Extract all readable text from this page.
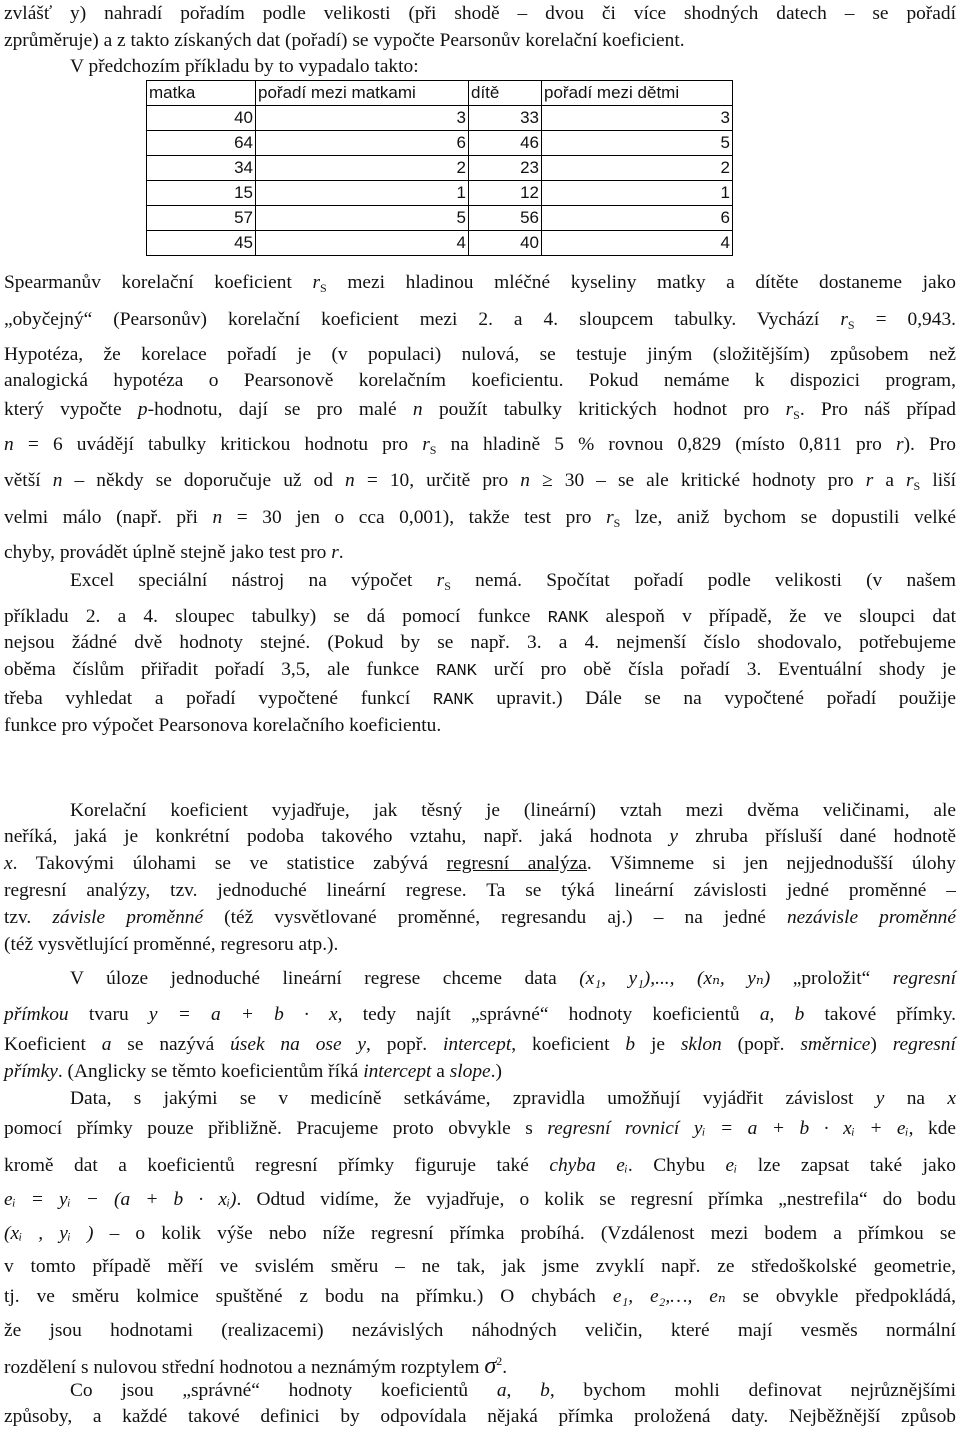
zvlášť y) nahradí pořadím podle velikosti (při shodě – dvou či více shodných datech – se pořadí
zprůměruje) a z takto získaných dat (pořadí) se vypočte Pearsonův korelační koeficient.
V předchozím příkladu by to vypadalo takto:
matka	pořadí mezi matkami	dítě	pořadí mezi dětmi
40	3	33	3
64	6	46	5
34	2	23	2
15	1	12	1
57	5	56	6
45	4	40	4
Spearmanův korelační koeficient $r_S$ mezi hladinou mléčné kyseliny matky a dítěte dostaneme jako
„obyčejný“ (Pearsonův) korelační koeficient mezi 2. a 4. sloupcem tabulky. Vychází $r_S = 0,943$.
Hypotéza, že korelace pořadí je (v populaci) nulová, se testuje jiným (složitějším) způsobem než
analogická hypotéza o Pearsonově korelačním koeficientu. Pokud nemáme k dispozici program,
který vypočte p-hodnotu, dají se pro malé n použít tabulky kritických hodnot pro $r_S$. Pro náš případ
n = 6 uvádějí tabulky kritickou hodnotu pro $r_S$ na hladině 5 % rovnou 0,829 (místo 0,811 pro r). Pro
větší n – někdy se doporučuje už od n = 10, určitě pro n ≥ 30 – se ale kritické hodnoty pro r a $r_S$ liší
velmi málo (např. při n = 30 jen o cca 0,001), takže test pro $r_S$ lze, aniž bychom se dopustili velké
chyby, provádět úplně stejně jako test pro r.
Excel speciální nástroj na výpočet $r_S$ nemá. Spočítat pořadí podle velikosti (v našem
příkladu 2. a 4. sloupec tabulky) se dá pomocí funkce RANK alespoň v případě, že ve sloupci dat
nejsou žádné dvě hodnoty stejné. (Pokud by se např. 3. a 4. nejmenší číslo shodovalo, potřebujeme
oběma číslům přiřadit pořadí 3,5, ale funkce RANK určí pro obě čísla pořadí 3. Eventuální shody je
třeba vyhledat a pořadí vypočtené funkcí RANK upravit.) Dále se na vypočtené pořadí použije
funkce pro výpočet Pearsonova korelačního koeficientu.
Korelační koeficient vyjadřuje, jak těsný je (lineární) vztah mezi dvěma veličinami, ale
neříká, jaká je konkrétní podoba takového vztahu, např. jaká hodnota y zhruba přísluší dané hodnotě
x. Takovými úlohami se ve statistice zabývá regresní analýza. Všimneme si jen nejjednodušší úlohy
regresní analýzy, tzv. jednoduché lineární regrese. Ta se týká lineární závislosti jedné proměnné –
tzv. závisle proměnné (též vysvětlované proměnné, regresandu aj.) – na jedné nezávisle proměnné
(též vysvětlující proměnné, regresoru atp.).
V úloze jednoduché lineární regrese chceme data (x₁, y₁),..., (xₙ, yₙ) „proložit“ regresní
přímkou tvaru y = a + b · x, tedy najít „správné“ hodnoty koeficientů a, b takové přímky.
Koeficient a se nazývá úsek na ose y, popř. intercept, koeficient b je sklon (popř. směrnice) regresní
přímky. (Anglicky se těmto koeficientům říká intercept a slope.)
Data, s jakými se v medicíně setkáváme, zpravidla umožňují vyjádřit závislost y na x
pomocí přímky pouze přibližně. Pracujeme proto obvykle s regresní rovnicí yᵢ = a + b · xᵢ + eᵢ, kde
kromě dat a koeficientů regresní přímky figuruje také chyba eᵢ. Chybu eᵢ lze zapsat také jako
eᵢ = yᵢ − (a + b · xᵢ). Odtud vidíme, že vyjadřuje, o kolik se regresní přímka „nestrefila“ do bodu
(xᵢ , yᵢ ) – o kolik výše nebo níže regresní přímka probíhá. (Vzdálenost mezi bodem a přímkou se
v tomto případě měří ve svislém směru – ne tak, jak jsme zvyklí např. ze středoškolské geometrie,
tj. ve směru kolmice spuštěné z bodu na přímku.) O chybách e₁, e₂,…, eₙ se obvykle předpokládá,
že jsou hodnotami (realizacemi) nezávislých náhodných veličin, které mají vesměs normální
rozdělení s nulovou střední hodnotou a neznámým rozptylem $\sigma^2$.
Co jsou „správné“ hodnoty koeficientů a, b, bychom mohli definovat nejrůznějšími
způsoby, a každé takové definici by odpovídala nějaká přímka proložená daty. Nejběžnější způsob
